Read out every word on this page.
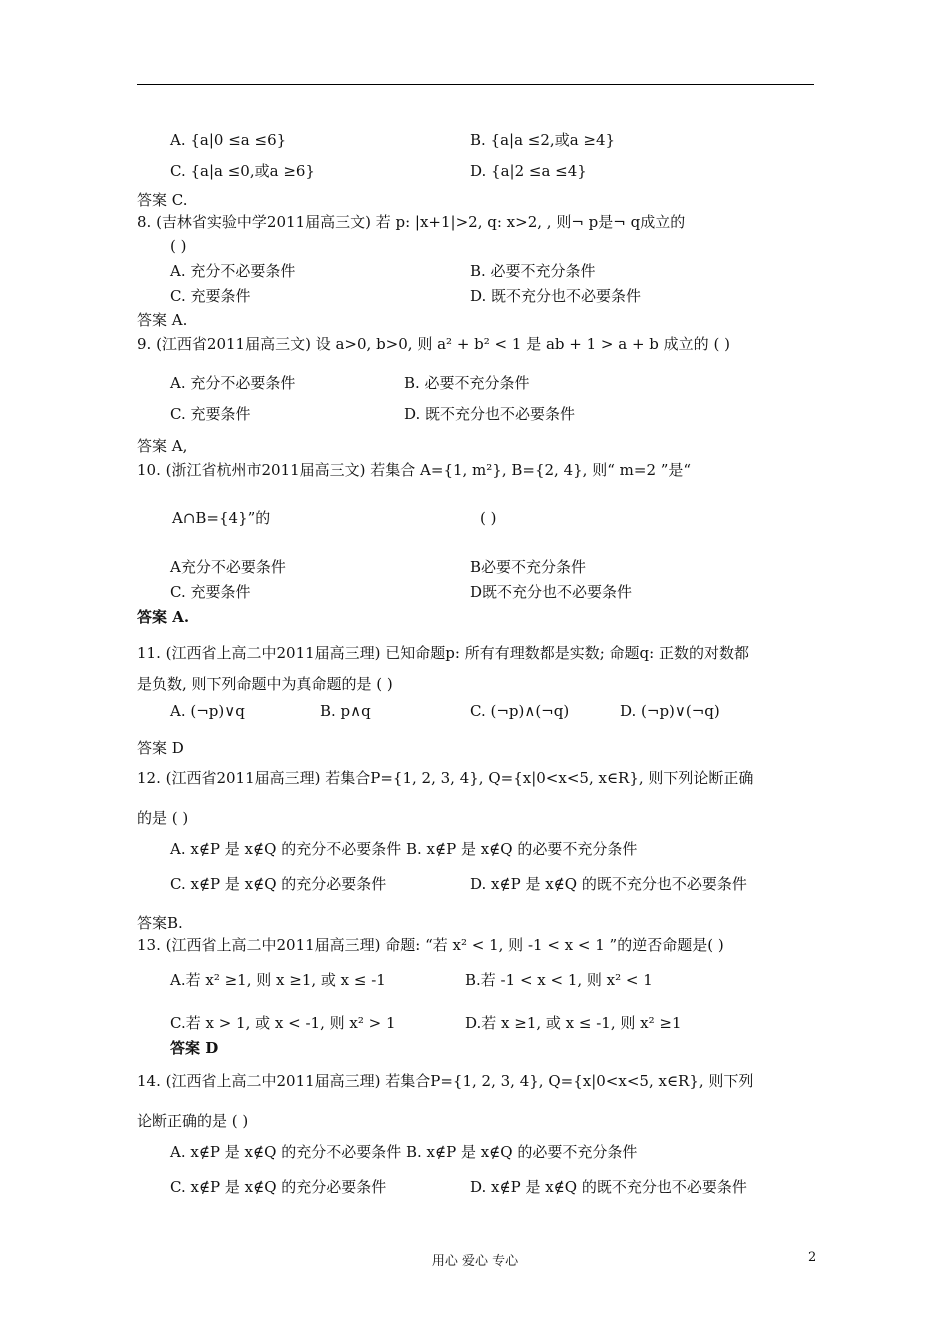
A. {a|0 ≤a ≤6}	B. {a|a ≤2,或a ≥4}
C. {a|a ≤0,或a ≥6}	D. {a|2 ≤a ≤4}
答案 C.
8. (吉林省实验中学2011届高三文) 若 p: |x+1|>2, q: x>2, , 则¬ p是¬ q成立的
( )
A. 充分不必要条件	B. 必要不充分条件
C. 充要条件	D. 既不充分也不必要条件
答案 A.
9. (江西省2011届高三文) 设 a>0, b>0, 则 a² + b² < 1 是 ab + 1 > a + b 成立的 ( )
A. 充分不必要条件	B. 必要不充分条件
C. 充要条件	D. 既不充分也不必要条件
答案 A,
10. (浙江省杭州市2011届高三文) 若集合 A={1, m²}, B={2, 4}, 则“ m=2 ”是“
A∩B={4}”的	( )
A充分不必要条件	B必要不充分条件
C. 充要条件	D既不充分也不必要条件
答案 A.
11. (江西省上高二中2011届高三理) 已知命题p: 所有有理数都是实数; 命题q: 正数的对数都
是负数, 则下列命题中为真命题的是 ( )
A. (¬p)∨q	B. p∧q	C. (¬p)∧(¬q)	D. (¬p)∨(¬q)
答案 D
12. (江西省2011届高三理) 若集合P={1, 2, 3, 4}, Q={x|0<x<5, x∈R}, 则下列论断正确
的是 ( )
A. x∉P 是 x∉Q 的充分不必要条件 B. x∉P 是 x∉Q 的必要不充分条件
C. x∉P 是 x∉Q 的充分必要条件	D. x∉P 是 x∉Q 的既不充分也不必要条件
答案B.
13. (江西省上高二中2011届高三理) 命题: “若 x² < 1, 则 -1 < x < 1 ”的逆否命题是( )
A.若 x² ≥1, 则 x ≥1, 或 x ≤ -1	B.若 -1 < x < 1, 则 x² < 1
C.若 x > 1, 或 x < -1, 则 x² > 1	D.若 x ≥1, 或 x ≤ -1, 则 x² ≥1
答案 D
14. (江西省上高二中2011届高三理) 若集合P={1, 2, 3, 4}, Q={x|0<x<5, x∈R}, 则下列
论断正确的是 ( )
A. x∉P 是 x∉Q 的充分不必要条件 B. x∉P 是 x∉Q 的必要不充分条件
C. x∉P 是 x∉Q 的充分必要条件	D. x∉P 是 x∉Q 的既不充分也不必要条件
用心 爱心 专心	2
